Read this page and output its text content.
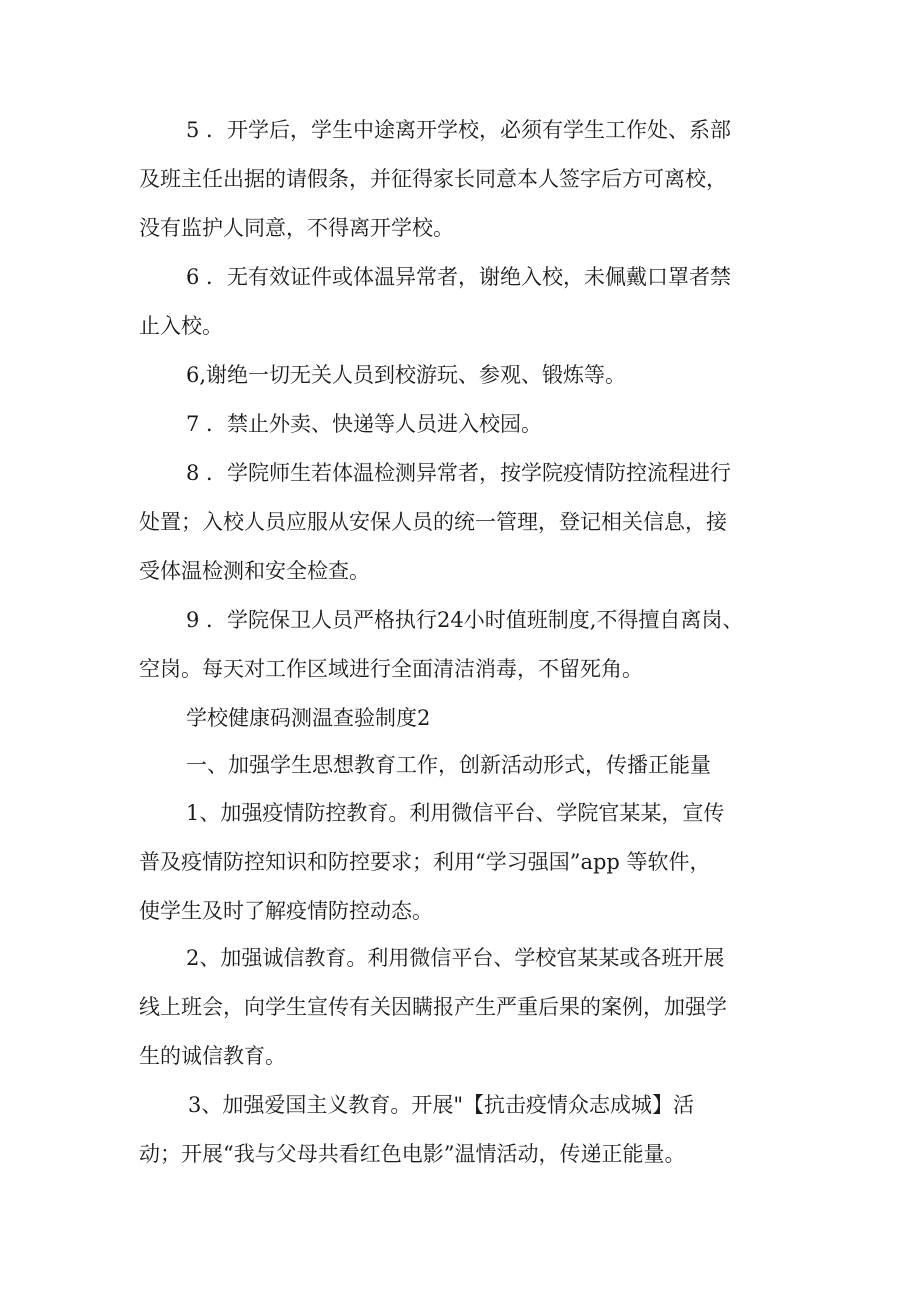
5 ．开学后，学生中途离开学校，必须有学生工作处、系部
及班主任出据的请假条，并征得家长同意本人签字后方可离校，
没有监护人同意，不得离开学校。
6 ．无有效证件或体温异常者，谢绝入校，未佩戴口罩者禁
止入校。
6,谢绝一切无关人员到校游玩、参观、锻炼等。
7 ．禁止外卖、快递等人员进入校园。
8 ．学院师生若体温检测异常者，按学院疫情防控流程进行
处置；入校人员应服从安保人员的统一管理，登记相关信息，接
受体温检测和安全检查。
9 ．学院保卫人员严格执行24小时值班制度,不得擅自离岗、
空岗。每天对工作区域进行全面清洁消毒，不留死角。
学校健康码测温查验制度2
一、加强学生思想教育工作，创新活动形式，传播正能量
1、加强疫情防控教育。利用微信平台、学院官某某，宣传
普及疫情防控知识和防控要求；利用“学习强国”app 等软件，
使学生及时了解疫情防控动态。
2、加强诚信教育。利用微信平台、学校官某某或各班开展
线上班会，向学生宣传有关因瞒报产生严重后果的案例，加强学
生的诚信教育。
3、加强爱国主义教育。开展"【抗击疫情众志成城】活
动；开展“我与父母共看红色电影”温情活动，传递正能量。
